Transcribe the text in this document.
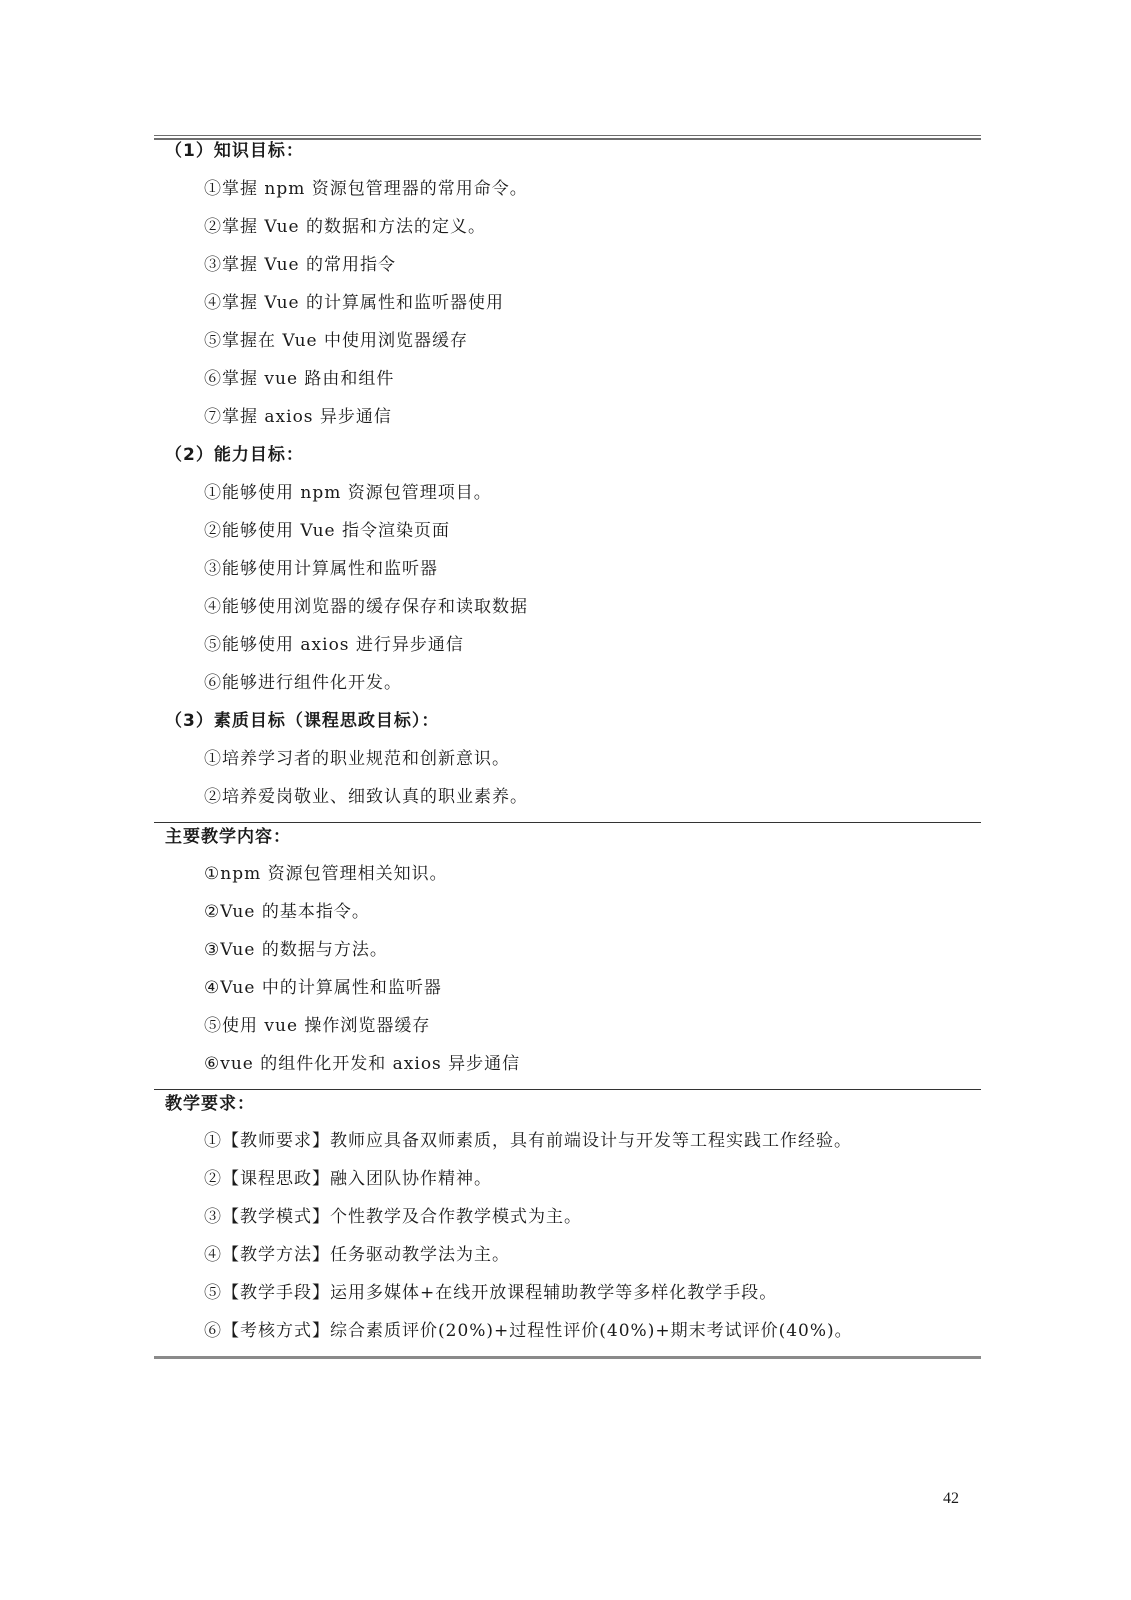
（1）知识目标：
①掌握 npm 资源包管理器的常用命令。
②掌握 Vue 的数据和方法的定义。
③掌握 Vue 的常用指令
④掌握 Vue 的计算属性和监听器使用
⑤掌握在 Vue 中使用浏览器缓存
⑥掌握 vue 路由和组件
⑦掌握 axios 异步通信
（2）能力目标：
①能够使用 npm 资源包管理项目。
②能够使用 Vue 指令渲染页面
③能够使用计算属性和监听器
④能够使用浏览器的缓存保存和读取数据
⑤能够使用 axios 进行异步通信
⑥能够进行组件化开发。
（3）素质目标（课程思政目标）：
①培养学习者的职业规范和创新意识。
②培养爱岗敬业、细致认真的职业素养。
主要教学内容：
①npm 资源包管理相关知识。
②Vue 的基本指令。
③Vue 的数据与方法。
④Vue 中的计算属性和监听器
⑤使用 vue 操作浏览器缓存
⑥vue 的组件化开发和 axios 异步通信
教学要求：
①【教师要求】教师应具备双师素质，具有前端设计与开发等工程实践工作经验。
②【课程思政】融入团队协作精神。
③【教学模式】个性教学及合作教学模式为主。
④【教学方法】任务驱动教学法为主。
⑤【教学手段】运用多媒体+在线开放课程辅助教学等多样化教学手段。
⑥【考核方式】综合素质评价(20%)+过程性评价(40%)+期末考试评价(40%)。
42
